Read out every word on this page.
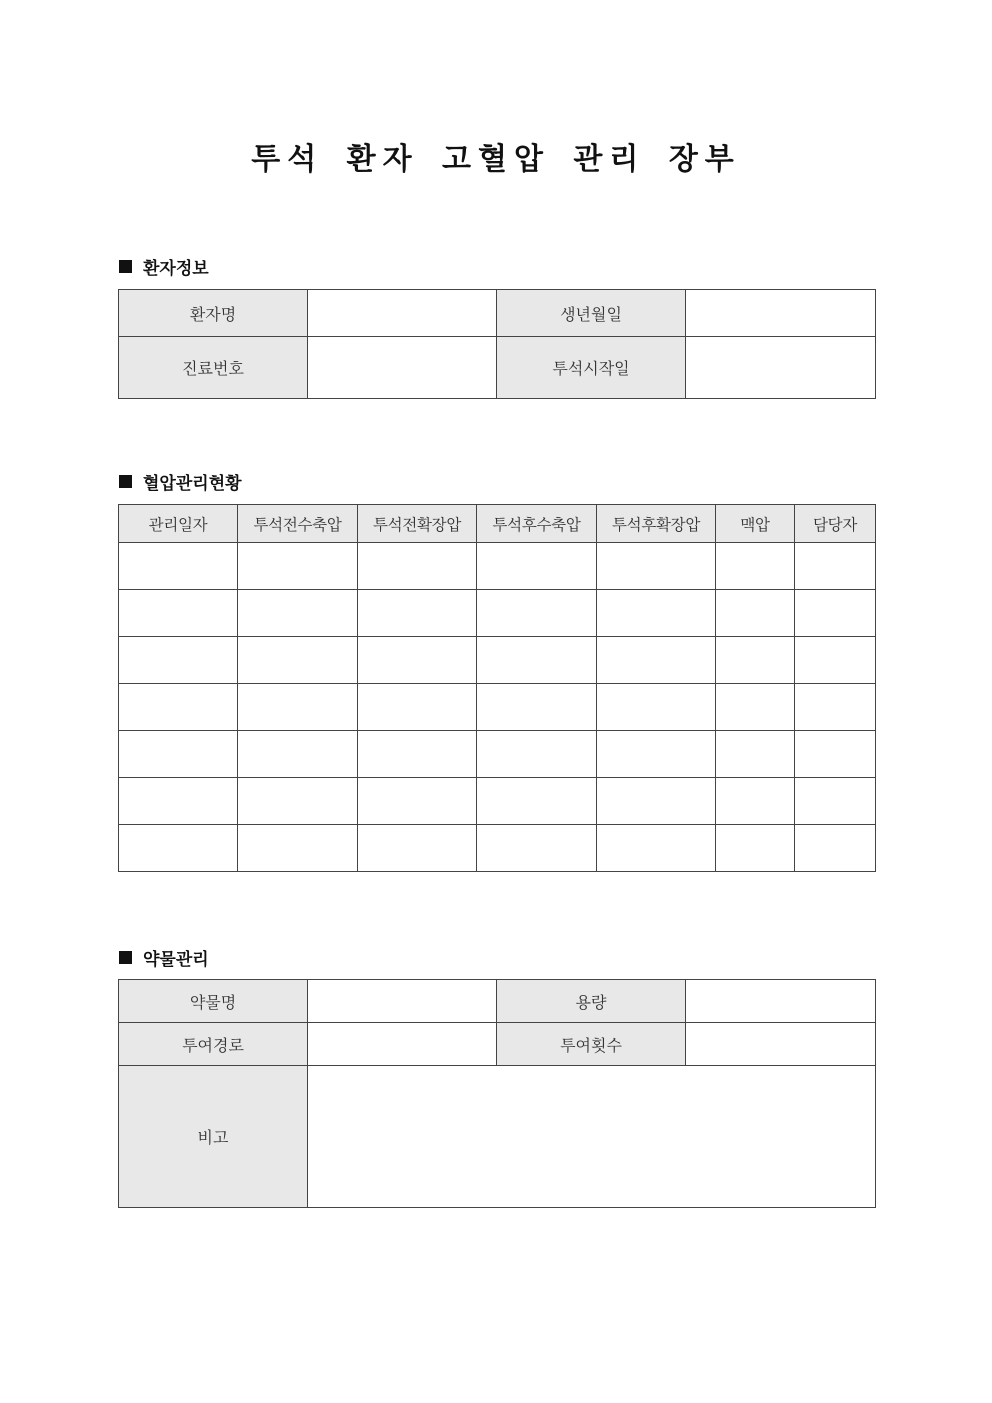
투석 환자 고혈압 관리 장부
환자정보
환자명		생년월일	
진료번호		투석시작일	
혈압관리현황
관리일자	투석전수축압	투석전확장압	투석후수축압	투석후확장압	맥압	담당자

약물관리
약물명		용량	
투여경로		투여횟수	
비고			
